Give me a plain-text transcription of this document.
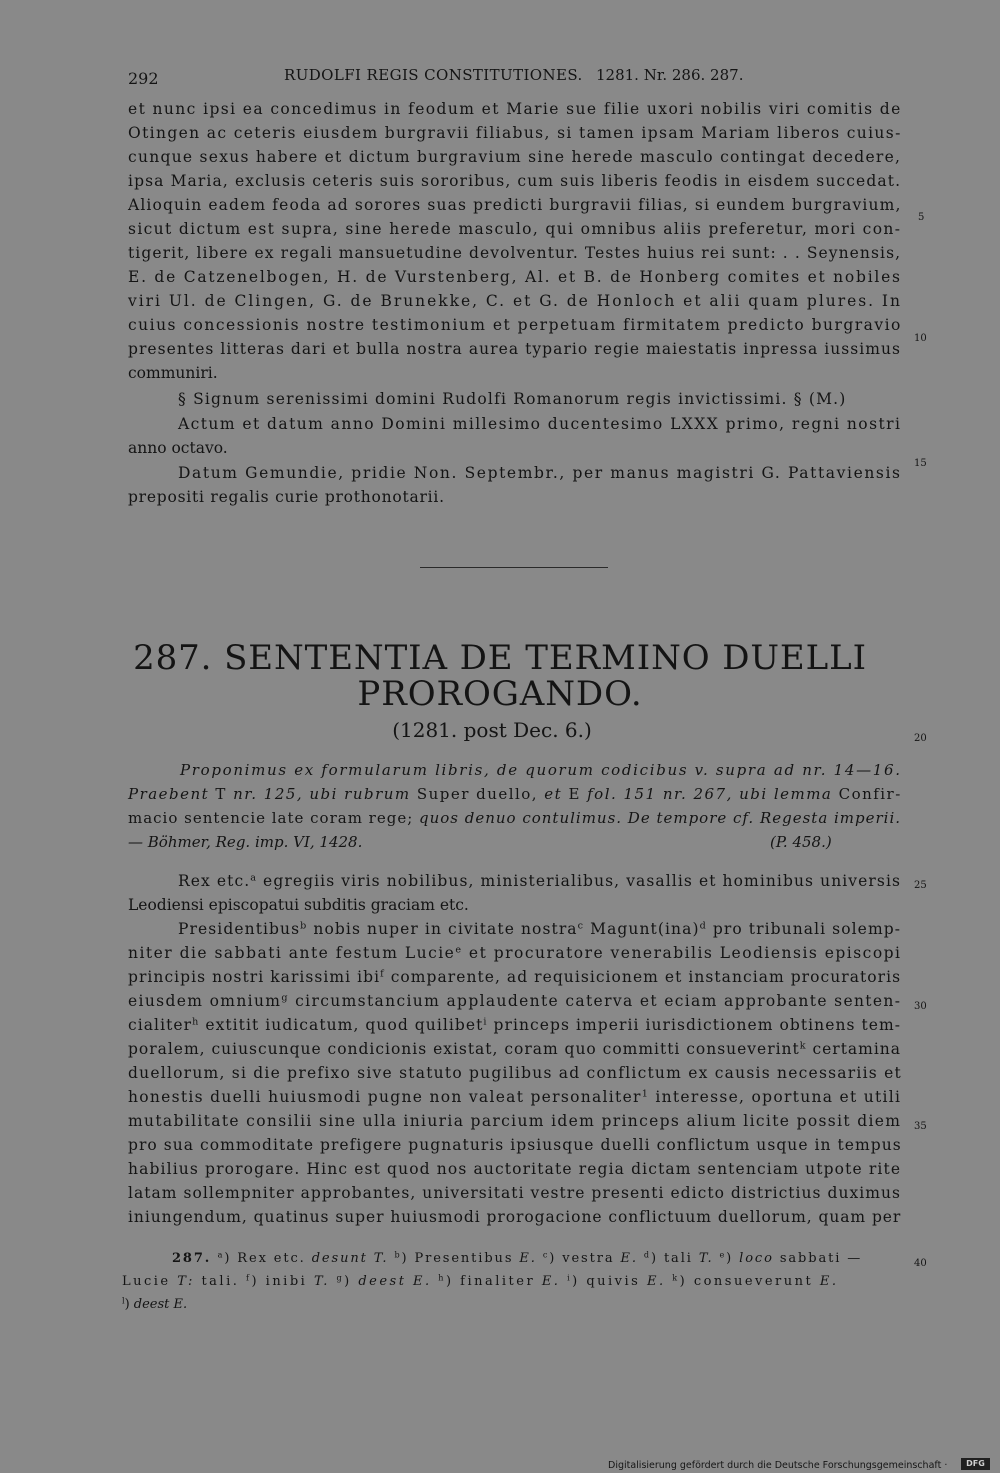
292	RUDOLFI REGIS CONSTITUTIONES. 1281. Nr. 286. 287.
et nunc ipsi ea concedimus in feodum et Marie sue filie uxori nobilis viri comitis de
Otingen ac ceteris eiusdem burgravii filiabus, si tamen ipsam Mariam liberos cuius-
cunque sexus habere et dictum burgravium sine herede masculo contingat decedere,
ipsa Maria, exclusis ceteris suis sororibus, cum suis liberis feodis in eisdem succedat.
Alioquin eadem feoda ad sorores suas predicti burgravii filias, si eundem burgravium,
sicut dictum est supra, sine herede masculo, qui omnibus aliis preferetur, mori con-
tigerit, libere ex regali mansuetudine devolventur. Testes huius rei sunt: . . Seynensis,
E. de Catzenelbogen, H. de Vurstenberg, Al. et B. de Honberg comites et nobiles
viri Ul. de Clingen, G. de Brunekke, C. et G. de Honloch et alii quam plures. In
cuius concessionis nostre testimonium et perpetuam firmitatem predicto burgravio
presentes litteras dari et bulla nostra aurea typario regie maiestatis inpressa iussimus
communiri.
§ Signum serenissimi domini Rudolfi Romanorum regis invictissimi. § (M.)
Actum et datum anno Domini millesimo ducentesimo LXXX primo, regni nostri
anno octavo.
Datum Gemundie, pridie Non. Septembr., per manus magistri G. Pattaviensis
prepositi regalis curie prothonotarii.
287. SENTENTIA DE TERMINO DUELLI
PROROGANDO.
(1281. post Dec. 6.)
Proponimus ex formularum libris, de quorum codicibus v. supra ad nr. 14—16.
Praebent T nr. 125, ubi rubrum Super duello, et E fol. 151 nr. 267, ubi lemma Confir-
macio sentencie late coram rege; quos denuo contulimus. De tempore cf. Regesta imperii.
— Böhmer, Reg. imp. VI, 1428.	(P. 458.)
Rex etc.$^a$ egregiis viris nobilibus, ministerialibus, vasallis et hominibus universis
Leodiensi episcopatui subditis graciam etc.
Presidentibus$^b$ nobis nuper in civitate nostra$^c$ Magunt(ina)$^d$ pro tribunali solemp-
niter die sabbati ante festum Lucie$^e$ et procuratore venerabilis Leodiensis episcopi
principis nostri karissimi ibi$^f$ comparente, ad requisicionem et instanciam procuratoris
eiusdem omnium$^g$ circumstancium applaudente caterva et eciam approbante senten-
cialiter$^h$ extitit iudicatum, quod quilibet$^i$ princeps imperii iurisdictionem obtinens tem-
poralem, cuiuscunque condicionis existat, coram quo committi consueverint$^k$ certamina
duellorum, si die prefixo sive statuto pugilibus ad conflictum ex causis necessariis et
honestis duelli huiusmodi pugne non valeat personaliter$^1$ interesse, oportuna et utili
mutabilitate consilii sine ulla iniuria parcium idem princeps alium licite possit diem
pro sua commoditate prefigere pugnaturis ipsiusque duelli conflictum usque in tempus
habilius prorogare. Hinc est quod nos auctoritate regia dictam sentenciam utpote rite
latam sollempniter approbantes, universitati vestre presenti edicto districtius duximus
iniungendum, quatinus super huiusmodi prorogacione conflictuum duellorum, quam per
287. $^a$) Rex etc. desunt T. $^b$) Presentibus E. $^c$) vestra E. $^d$) tali T. $^e$) loco sabbati —
Lucie T: tali. $^f$) inibi T. $^g$) deest E. $^h$) finaliter E. $^i$) quivis E. $^k$) consueverunt E.
$^l$) deest E.
5
10
15
20
25
30
35
40
Digitalisierung gefördert durch die Deutsche Forschungsgemeinschaft ·	DFG
